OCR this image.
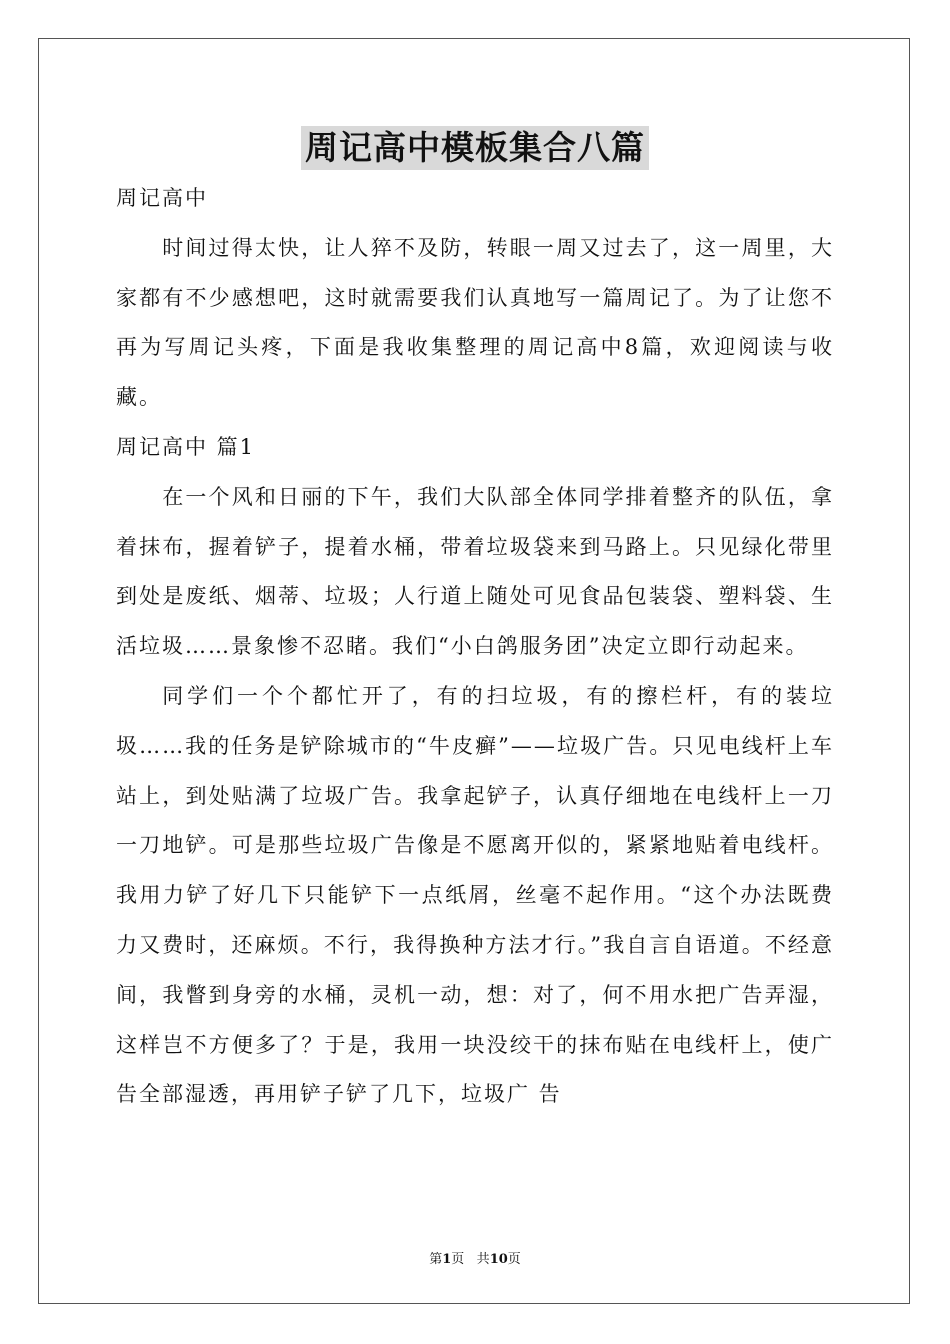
周记高中模板集合八篇

周记高中

时间过得太快，让人猝不及防，转眼一周又过去了，这一周里，大家都有不少感想吧，这时就需要我们认真地写一篇周记了。为了让您不再为写周记头疼，下面是我收集整理的周记高中8篇，欢迎阅读与收藏。

周记高中 篇1

在一个风和日丽的下午，我们大队部全体同学排着整齐的队伍，拿着抹布，握着铲子，提着水桶，带着垃圾袋来到马路上。只见绿化带里到处是废纸、烟蒂、垃圾；人行道上随处可见食品包装袋、塑料袋、生活垃圾……景象惨不忍睹。我们“小白鸽服务团”决定立即行动起来。

同学们一个个都忙开了，有的扫垃圾，有的擦栏杆，有的装垃圾……我的任务是铲除城市的“牛皮癣”——垃圾广告。只见电线杆上车站上，到处贴满了垃圾广告。我拿起铲子，认真仔细地在电线杆上一刀一刀地铲。可是那些垃圾广告像是不愿离开似的，紧紧地贴着电线杆。我用力铲了好几下只能铲下一点纸屑，丝毫不起作用。“这个办法既费力又费时，还麻烦。不行，我得换种方法才行。”我自言自语道。不经意间，我瞥到身旁的水桶，灵机一动，想：对了，何不用水把广告弄湿，这样岂不方便多了？于是，我用一块没绞干的抹布贴在电线杆上，使广告全部湿透，再用铲子铲了几下，垃圾广 告

第1页 共10页
